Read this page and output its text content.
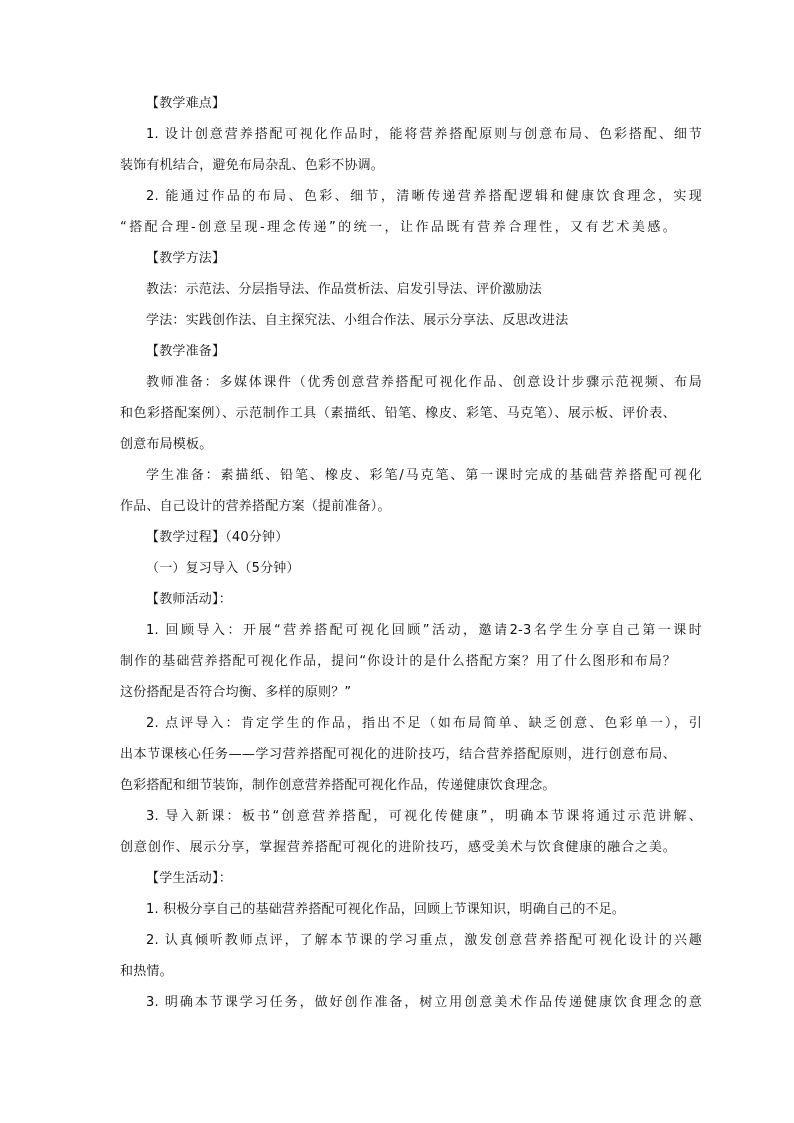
【教学难点】
1. 设计创意营养搭配可视化作品时，能将营养搭配原则与创意布局、色彩搭配、细节
装饰有机结合，避免布局杂乱、色彩不协调。
2. 能通过作品的布局、色彩、细节，清晰传递营养搭配逻辑和健康饮食理念，实现
“搭配合理-创意呈现-理念传递”的统一，让作品既有营养合理性，又有艺术美感。
【教学方法】
教法：示范法、分层指导法、作品赏析法、启发引导法、评价激励法
学法：实践创作法、自主探究法、小组合作法、展示分享法、反思改进法
【教学准备】
教师准备：多媒体课件（优秀创意营养搭配可视化作品、创意设计步骤示范视频、布局
和色彩搭配案例）、示范制作工具（素描纸、铅笔、橡皮、彩笔、马克笔）、展示板、评价表、
创意布局模板。
学生准备：素描纸、铅笔、橡皮、彩笔/马克笔、第一课时完成的基础营养搭配可视化
作品、自己设计的营养搭配方案（提前准备）。
【教学过程】（40分钟）
（一）复习导入（5分钟）
【教师活动】：
1. 回顾导入：开展“营养搭配可视化回顾”活动，邀请2-3名学生分享自己第一课时
制作的基础营养搭配可视化作品，提问“你设计的是什么搭配方案？用了什么图形和布局？
这份搭配是否符合均衡、多样的原则？”
2. 点评导入：肯定学生的作品，指出不足（如布局简单、缺乏创意、色彩单一），引
出本节课核心任务——学习营养搭配可视化的进阶技巧，结合营养搭配原则，进行创意布局、
色彩搭配和细节装饰，制作创意营养搭配可视化作品，传递健康饮食理念。
3. 导入新课：板书“创意营养搭配，可视化传健康”，明确本节课将通过示范讲解、
创意创作、展示分享，掌握营养搭配可视化的进阶技巧，感受美术与饮食健康的融合之美。
【学生活动】：
1. 积极分享自己的基础营养搭配可视化作品，回顾上节课知识，明确自己的不足。
2. 认真倾听教师点评，了解本节课的学习重点，激发创意营养搭配可视化设计的兴趣
和热情。
3. 明确本节课学习任务，做好创作准备，树立用创意美术作品传递健康饮食理念的意
